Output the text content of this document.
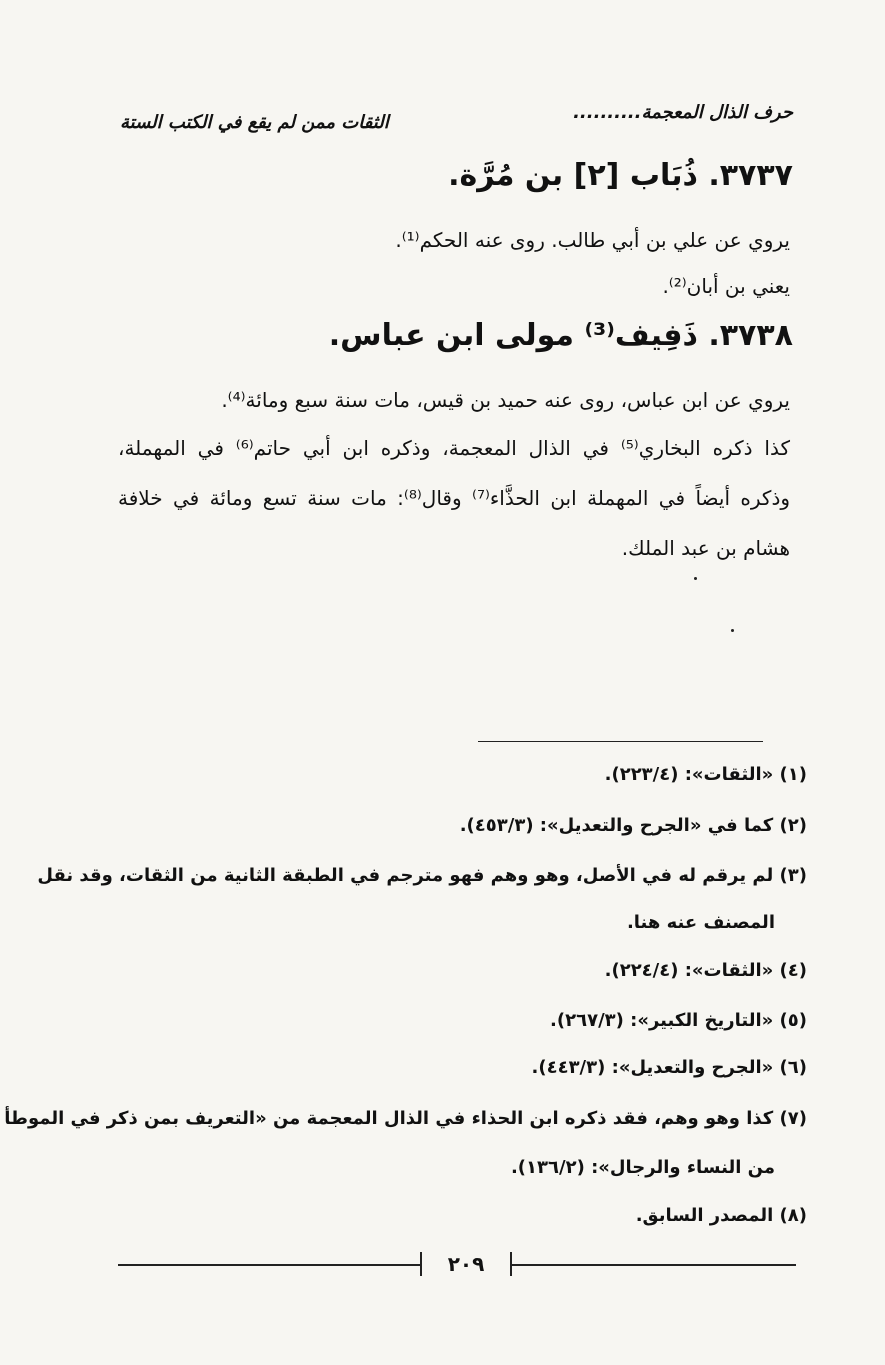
حرف الذال المعجمة..........
الثقات ممن لم يقع في الكتب الستة
٣٧٣٧. ذُبَاب [٢] بن مُرَّة.
يروي عن علي بن أبي طالب. روى عنه الحكم⁽¹⁾.
يعني بن أبان⁽²⁾.
٣٧٣٨. ذَفِيف⁽³⁾ مولى ابن عباس.
يروي عن ابن عباس، روى عنه حميد بن قيس، مات سنة سبع ومائة⁽⁴⁾.
كذا ذكره البخاري⁽⁵⁾ في الذال المعجمة، وذكره ابن أبي حاتم⁽⁶⁾ في المهملة،
وذكره أيضاً في المهملة ابن الحذَّاء⁽⁷⁾ وقال⁽⁸⁾: مات سنة تسع ومائة في خلافة
هشام بن عبد الملك.
(١) «الثقات»: (٢٢٣/٤).
(٢) كما في «الجرح والتعديل»: (٤٥٣/٣).
(٣) لم يرقم له في الأصل، وهو وهم فهو مترجم في الطبقة الثانية من الثقات، وقد نقل
المصنف عنه هنا.
(٤) «الثقات»: (٢٢٤/٤).
(٥) «التاريخ الكبير»: (٢٦٧/٣).
(٦) «الجرح والتعديل»: (٤٤٣/٣).
(٧) كذا وهو وهم، فقد ذكره ابن الحذاء في الذال المعجمة من «التعريف بمن ذكر في الموطأ
من النساء والرجال»: (١٣٦/٢).
(٨) المصدر السابق.
٢٠٩
